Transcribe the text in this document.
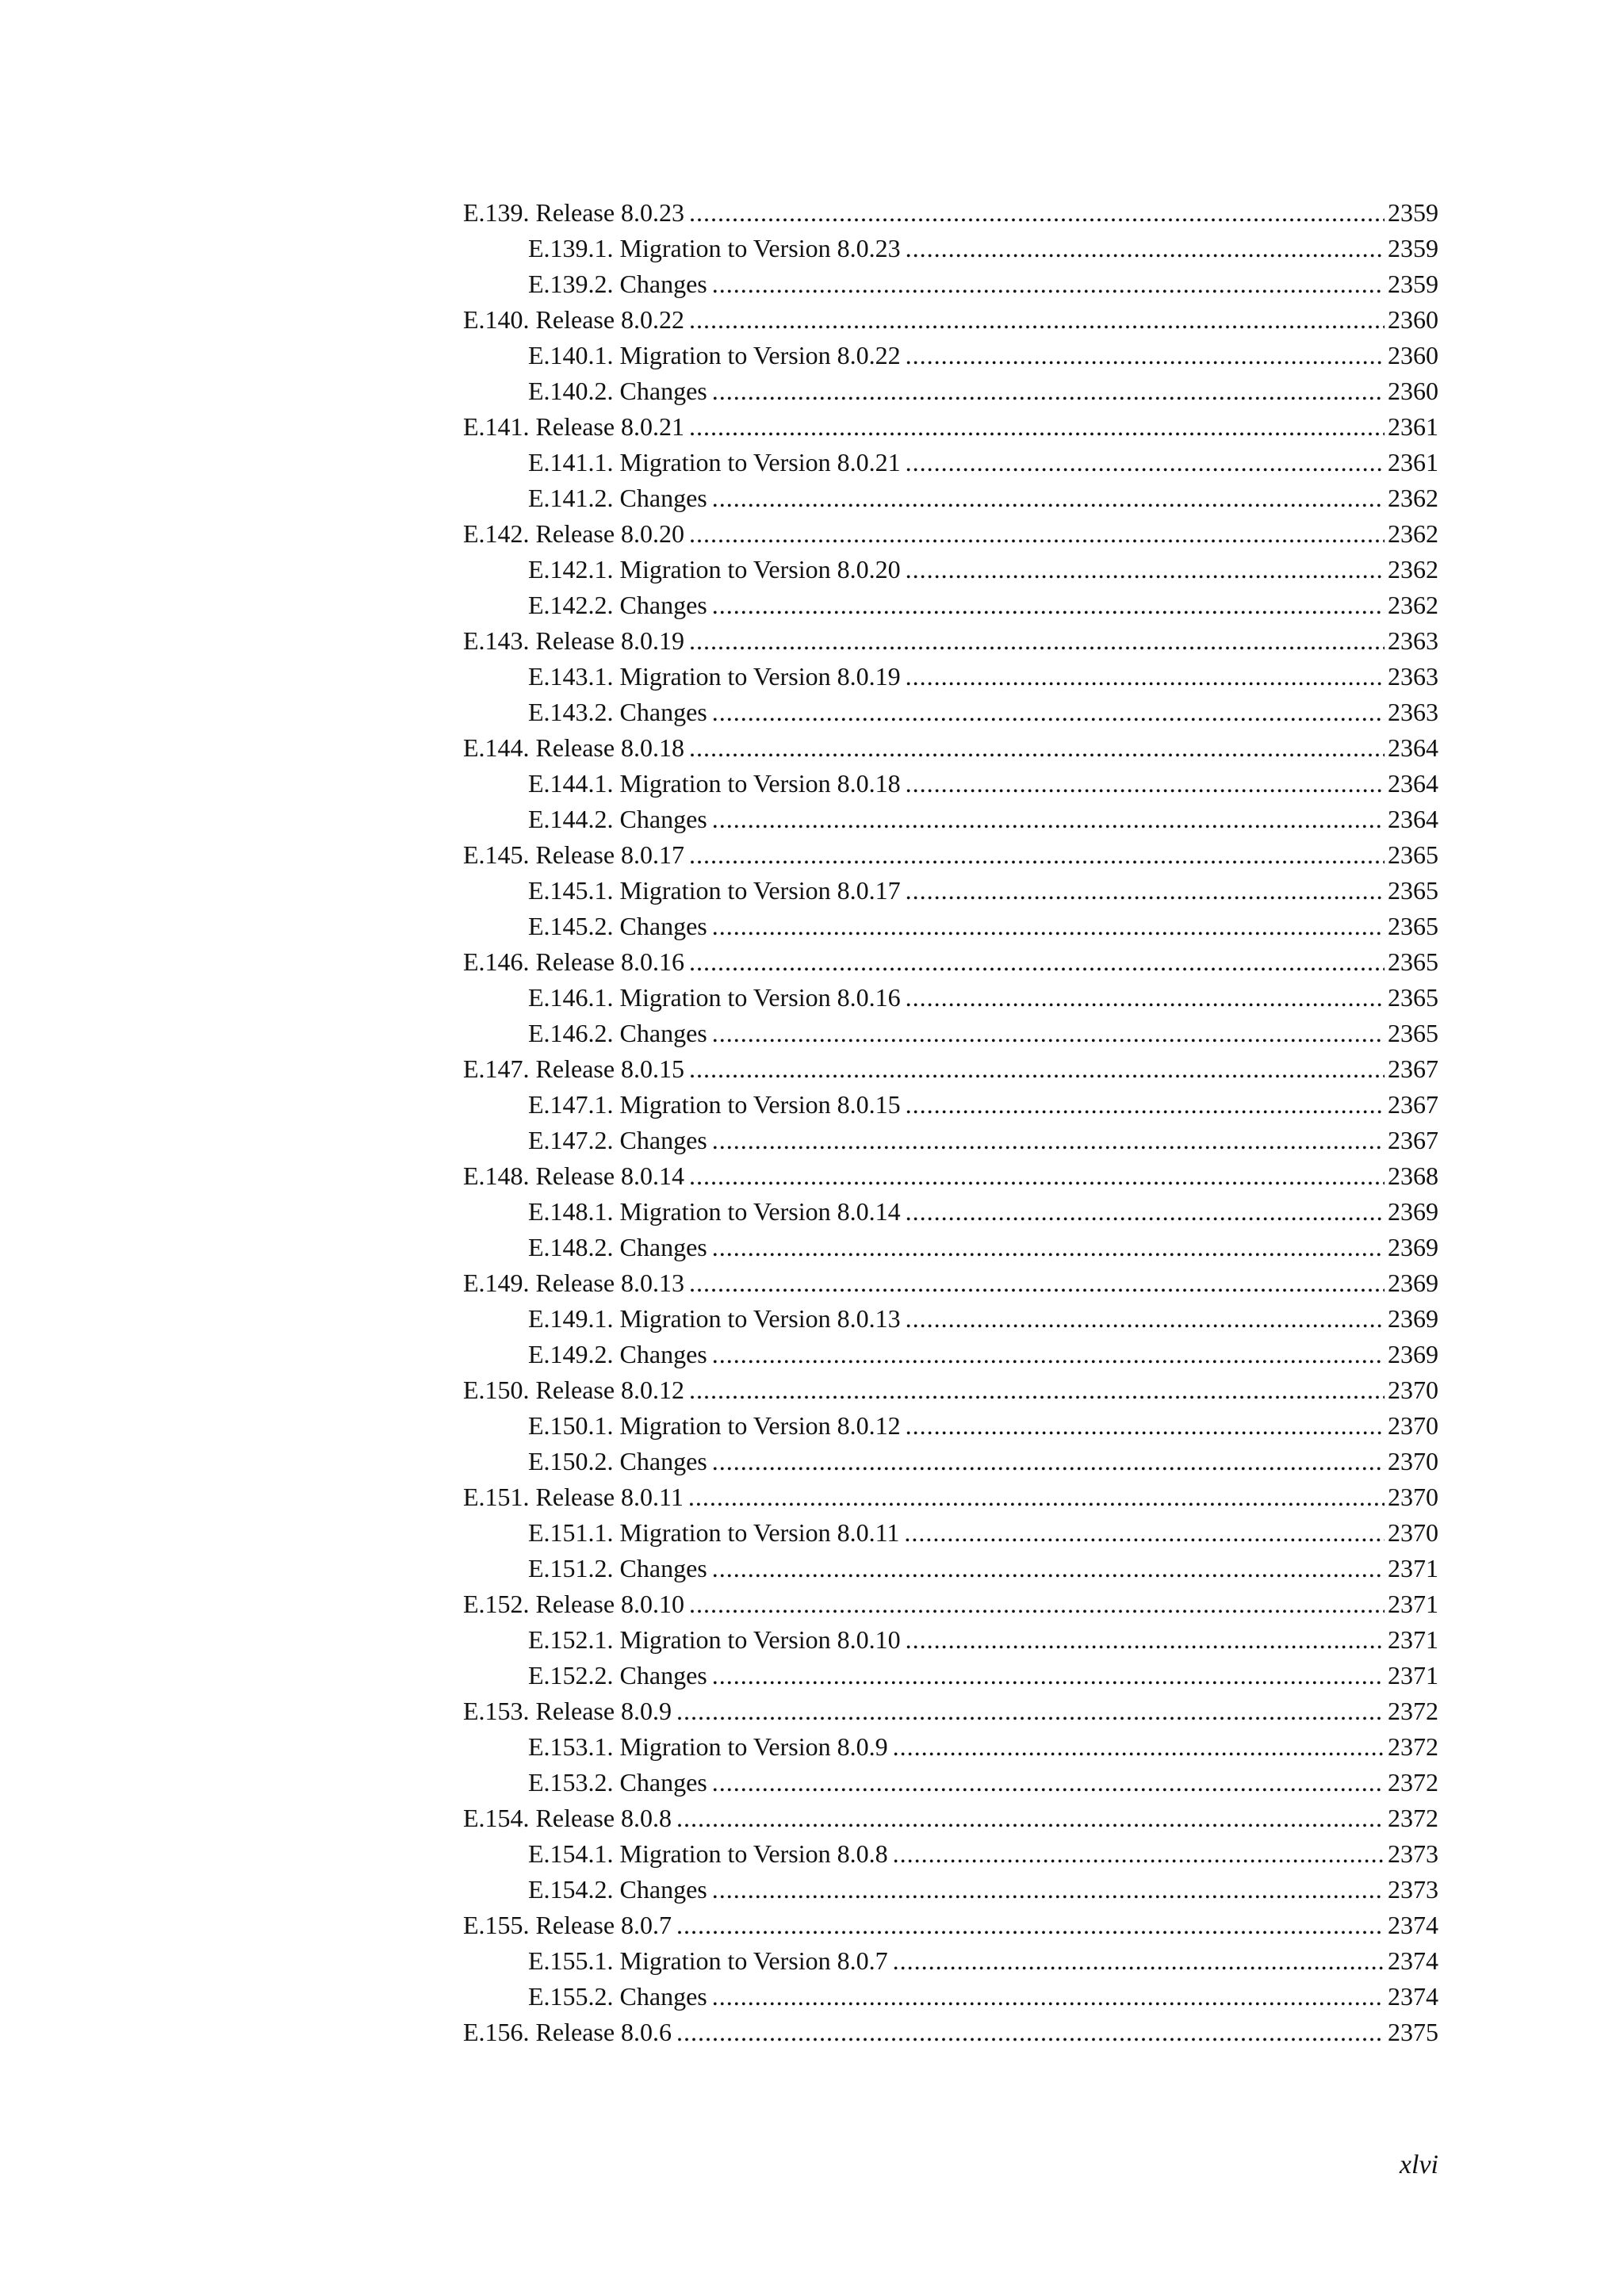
E.139. Release 8.0.23 .....	2359
E.139.1. Migration to Version 8.0.23 .....	2359
E.139.2. Changes .....	2359
E.140. Release 8.0.22 .....	2360
E.140.1. Migration to Version 8.0.22 .....	2360
E.140.2. Changes .....	2360
E.141. Release 8.0.21 .....	2361
E.141.1. Migration to Version 8.0.21 .....	2361
E.141.2. Changes .....	2362
E.142. Release 8.0.20 .....	2362
E.142.1. Migration to Version 8.0.20 .....	2362
E.142.2. Changes .....	2362
E.143. Release 8.0.19 .....	2363
E.143.1. Migration to Version 8.0.19 .....	2363
E.143.2. Changes .....	2363
E.144. Release 8.0.18 .....	2364
E.144.1. Migration to Version 8.0.18 .....	2364
E.144.2. Changes .....	2364
E.145. Release 8.0.17 .....	2365
E.145.1. Migration to Version 8.0.17 .....	2365
E.145.2. Changes .....	2365
E.146. Release 8.0.16 .....	2365
E.146.1. Migration to Version 8.0.16 .....	2365
E.146.2. Changes .....	2365
E.147. Release 8.0.15 .....	2367
E.147.1. Migration to Version 8.0.15 .....	2367
E.147.2. Changes .....	2367
E.148. Release 8.0.14 .....	2368
E.148.1. Migration to Version 8.0.14 .....	2369
E.148.2. Changes .....	2369
E.149. Release 8.0.13 .....	2369
E.149.1. Migration to Version 8.0.13 .....	2369
E.149.2. Changes .....	2369
E.150. Release 8.0.12 .....	2370
E.150.1. Migration to Version 8.0.12 .....	2370
E.150.2. Changes .....	2370
E.151. Release 8.0.11 .....	2370
E.151.1. Migration to Version 8.0.11 .....	2370
E.151.2. Changes .....	2371
E.152. Release 8.0.10 .....	2371
E.152.1. Migration to Version 8.0.10 .....	2371
E.152.2. Changes .....	2371
E.153. Release 8.0.9 .....	2372
E.153.1. Migration to Version 8.0.9 .....	2372
E.153.2. Changes .....	2372
E.154. Release 8.0.8 .....	2372
E.154.1. Migration to Version 8.0.8 .....	2373
E.154.2. Changes .....	2373
E.155. Release 8.0.7 .....	2374
E.155.1. Migration to Version 8.0.7 .....	2374
E.155.2. Changes .....	2374
E.156. Release 8.0.6 .....	2375
xlvi
